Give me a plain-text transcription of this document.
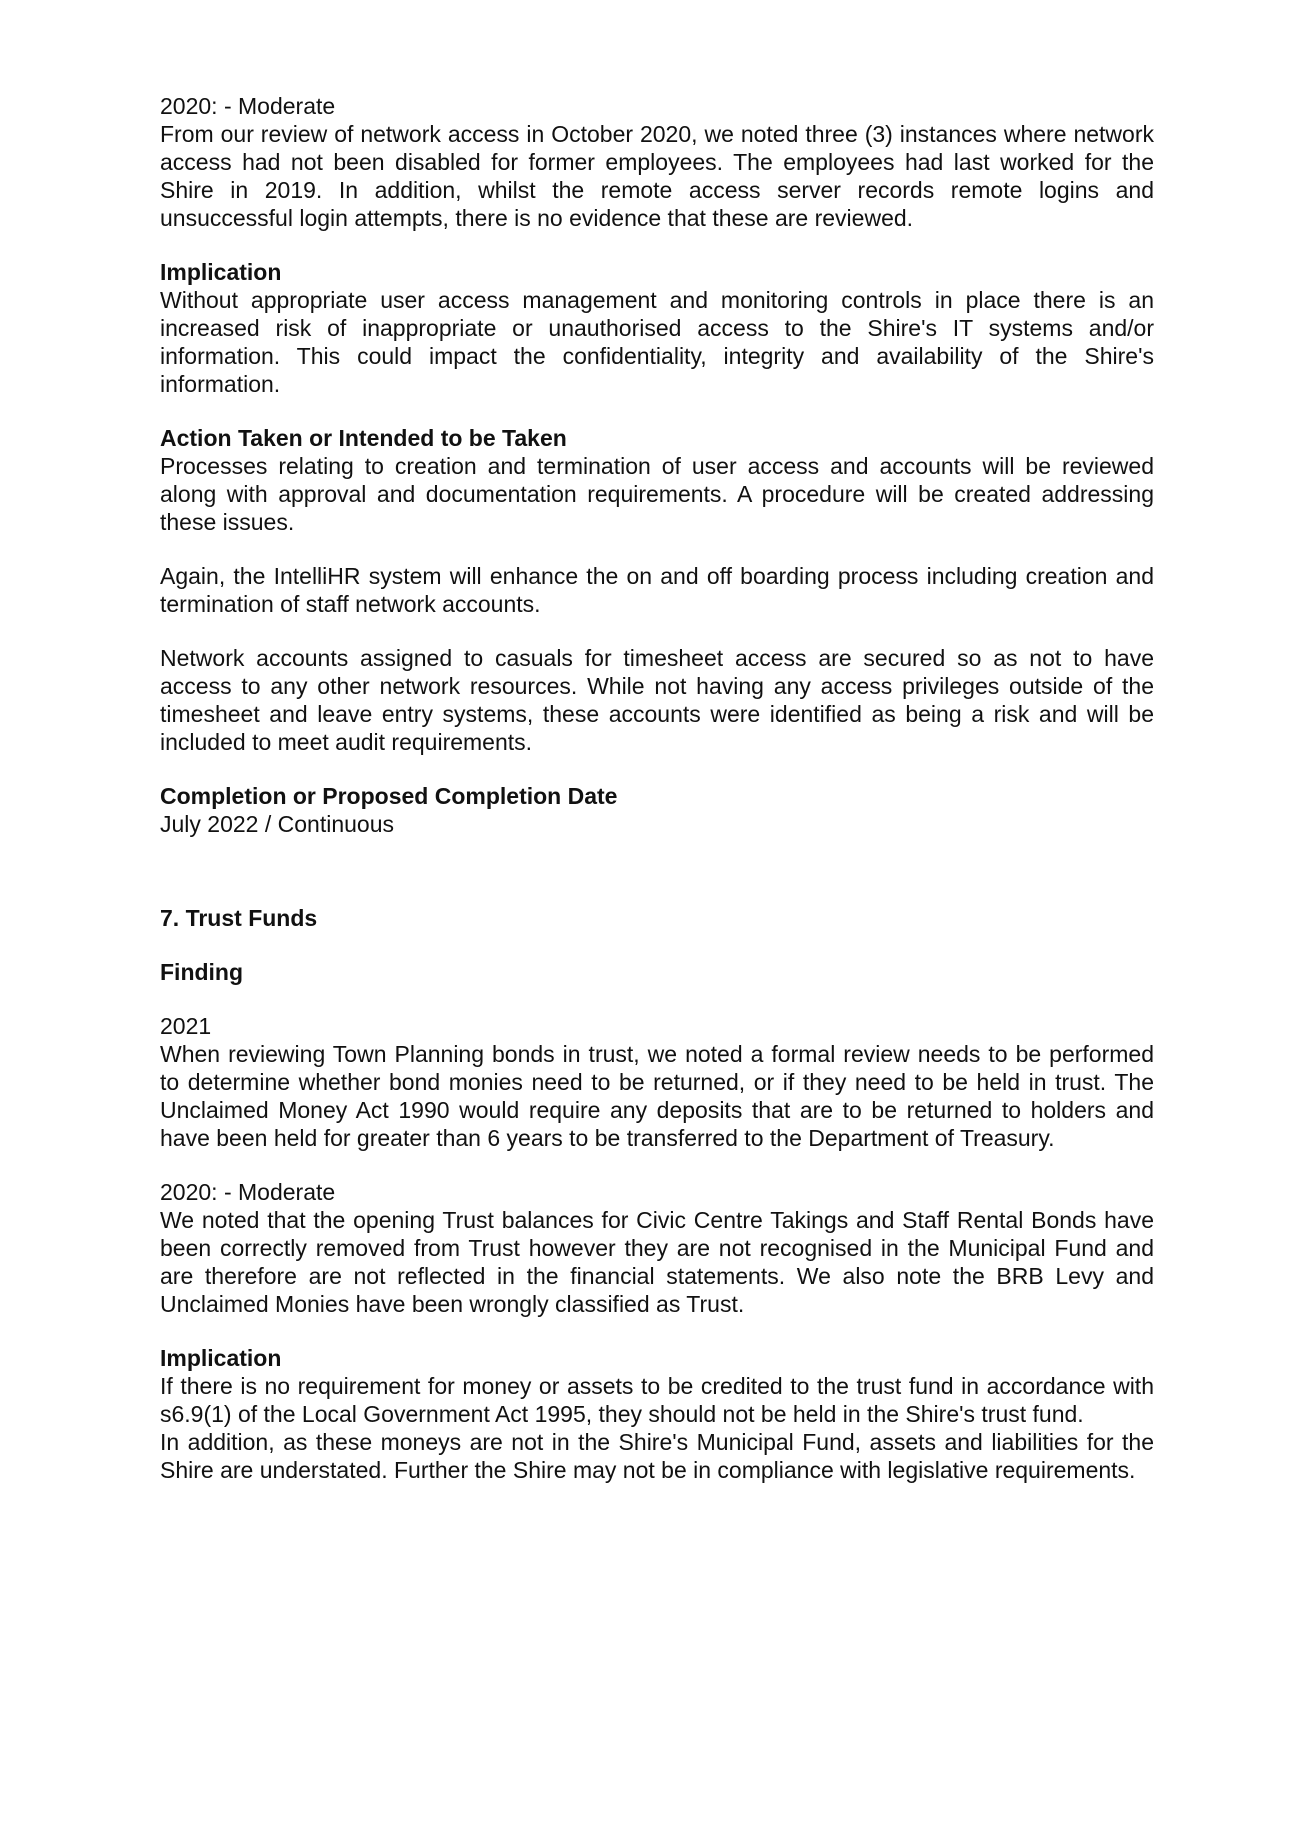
2020: - Moderate

From our review of network access in October 2020, we noted three (3) instances where network access had not been disabled for former employees. The employees had last worked for the Shire in 2019. In addition, whilst the remote access server records remote logins and unsuccessful login attempts, there is no evidence that these are reviewed.

Implication

Without appropriate user access management and monitoring controls in place there is an increased risk of inappropriate or unauthorised access to the Shire's IT systems and/or information. This could impact the confidentiality, integrity and availability of the Shire's information.

Action Taken or Intended to be Taken

Processes relating to creation and termination of user access and accounts will be reviewed along with approval and documentation requirements. A procedure will be created addressing these issues.

Again, the IntelliHR system will enhance the on and off boarding process including creation and termination of staff network accounts.

Network accounts assigned to casuals for timesheet access are secured so as not to have access to any other network resources. While not having any access privileges outside of the timesheet and leave entry systems, these accounts were identified as being a risk and will be included to meet audit requirements.

Completion or Proposed Completion Date

July 2022 / Continuous

7. Trust Funds

Finding

2021

When reviewing Town Planning bonds in trust, we noted a formal review needs to be performed to determine whether bond monies need to be returned, or if they need to be held in trust. The Unclaimed Money Act 1990 would require any deposits that are to be returned to holders and have been held for greater than 6 years to be transferred to the Department of Treasury.

2020: - Moderate

We noted that the opening Trust balances for Civic Centre Takings and Staff Rental Bonds have been correctly removed from Trust however they are not recognised in the Municipal Fund and are therefore are not reflected in the financial statements. We also note the BRB Levy and Unclaimed Monies have been wrongly classified as Trust.

Implication

If there is no requirement for money or assets to be credited to the trust fund in accordance with s6.9(1) of the Local Government Act 1995, they should not be held in the Shire's trust fund.

In addition, as these moneys are not in the Shire's Municipal Fund, assets and liabilities for the Shire are understated. Further the Shire may not be in compliance with legislative requirements.
